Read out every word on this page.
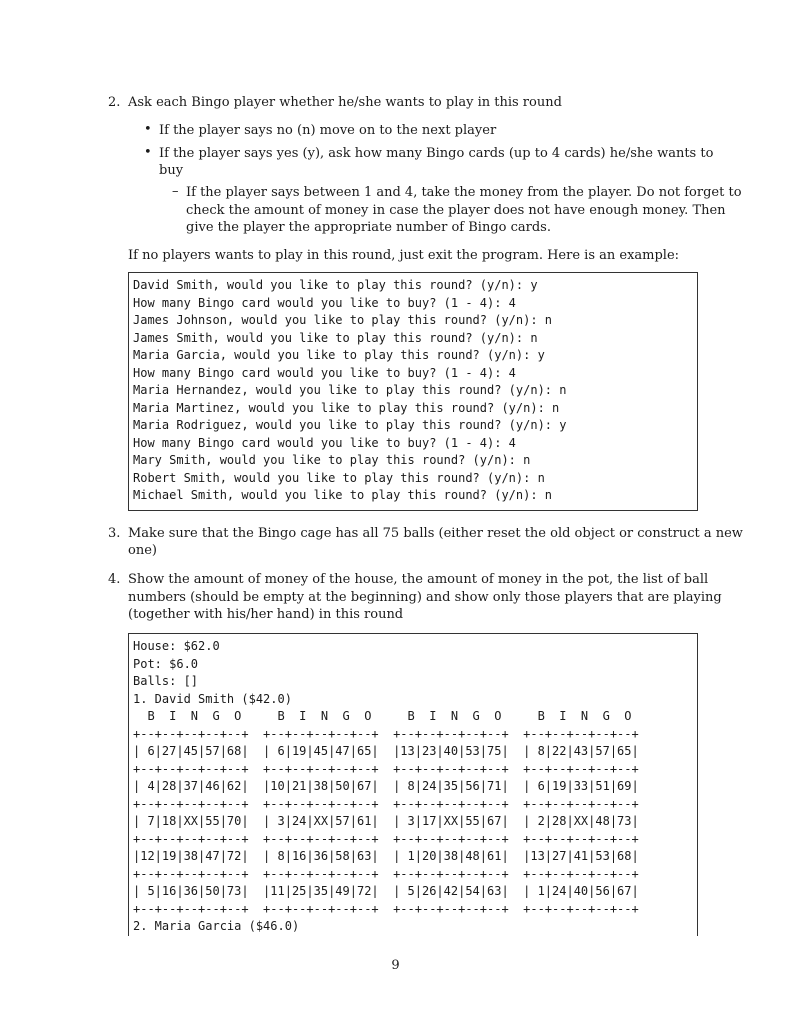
2. Ask each Bingo player whether he/she wants to play in this round
• If the player says no (n) move on to the next player
• If the player says yes (y), ask how many Bingo cards (up to 4 cards) he/she wants to
buy
– If the player says between 1 and 4, take the money from the player. Do not forget to
check the amount of money in case the player does not have enough money. Then
give the player the appropriate number of Bingo cards.
If no players wants to play in this round, just exit the program. Here is an example:
David Smith, would you like to play this round? (y/n): y
How many Bingo card would you like to buy? (1 - 4): 4
James Johnson, would you like to play this round? (y/n): n
James Smith, would you like to play this round? (y/n): n
Maria Garcia, would you like to play this round? (y/n): y
How many Bingo card would you like to buy? (1 - 4): 4
Maria Hernandez, would you like to play this round? (y/n): n
Maria Martinez, would you like to play this round? (y/n): n
Maria Rodriguez, would you like to play this round? (y/n): y
How many Bingo card would you like to buy? (1 - 4): 4
Mary Smith, would you like to play this round? (y/n): n
Robert Smith, would you like to play this round? (y/n): n
Michael Smith, would you like to play this round? (y/n): n
3. Make sure that the Bingo cage has all 75 balls (either reset the old object or construct a new
one)
4. Show the amount of money of the house, the amount of money in the pot, the list of ball
numbers (should be empty at the beginning) and show only those players that are playing
(together with his/her hand) in this round
House: $62.0
Pot: $6.0
Balls: []
1. David Smith ($42.0)
B  I  N  G  O     B  I  N  G  O     B  I  N  G  O     B  I  N  G  O
+--+--+--+--+--+  +--+--+--+--+--+  +--+--+--+--+--+  +--+--+--+--+--+
| 6|27|45|57|68|  | 6|19|45|47|65|  |13|23|40|53|75|  | 8|22|43|57|65|
+--+--+--+--+--+  +--+--+--+--+--+  +--+--+--+--+--+  +--+--+--+--+--+
| 4|28|37|46|62|  |10|21|38|50|67|  | 8|24|35|56|71|  | 6|19|33|51|69|
+--+--+--+--+--+  +--+--+--+--+--+  +--+--+--+--+--+  +--+--+--+--+--+
| 7|18|XX|55|70|  | 3|24|XX|57|61|  | 3|17|XX|55|67|  | 2|28|XX|48|73|
+--+--+--+--+--+  +--+--+--+--+--+  +--+--+--+--+--+  +--+--+--+--+--+
|12|19|38|47|72|  | 8|16|36|58|63|  | 1|20|38|48|61|  |13|27|41|53|68|
+--+--+--+--+--+  +--+--+--+--+--+  +--+--+--+--+--+  +--+--+--+--+--+
| 5|16|36|50|73|  |11|25|35|49|72|  | 5|26|42|54|63|  | 1|24|40|56|67|
+--+--+--+--+--+  +--+--+--+--+--+  +--+--+--+--+--+  +--+--+--+--+--+
2. Maria Garcia ($46.0)
9
